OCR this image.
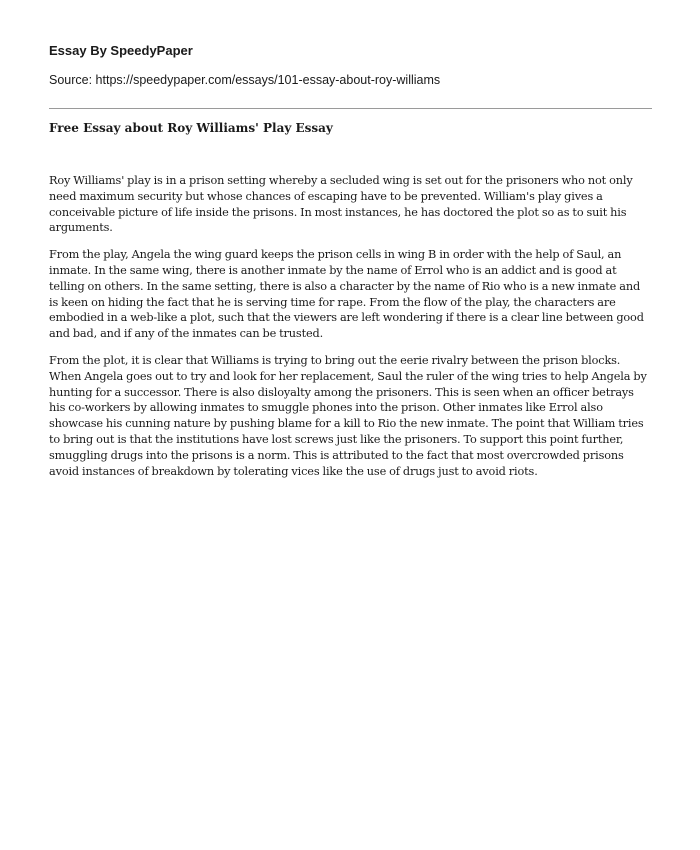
Essay By SpeedyPaper
Source: https://speedypaper.com/essays/101-essay-about-roy-williams
Free Essay about Roy Williams' Play Essay

Roy Williams' play is in a prison setting whereby a secluded wing is set out for the prisoners who not only need maximum security but whose chances of escaping have to be prevented. William's play gives a conceivable picture of life inside the prisons. In most instances, he has doctored the plot so as to suit his arguments.

From the play, Angela the wing guard keeps the prison cells in wing B in order with the help of Saul, an inmate. In the same wing, there is another inmate by the name of Errol who is an addict and is good at telling on others. In the same setting, there is also a character by the name of Rio who is a new inmate and is keen on hiding the fact that he is serving time for rape. From the flow of the play, the characters are embodied in a web-like a plot, such that the viewers are left wondering if there is a clear line between good and bad, and if any of the inmates can be trusted.

From the plot, it is clear that Williams is trying to bring out the eerie rivalry between the prison blocks. When Angela goes out to try and look for her replacement, Saul the ruler of the wing tries to help Angela by hunting for a successor. There is also disloyalty among the prisoners. This is seen when an officer betrays his co-workers by allowing inmates to smuggle phones into the prison. Other inmates like Errol also showcase his cunning nature by pushing blame for a kill to Rio the new inmate. The point that William tries to bring out is that the institutions have lost screws just like the prisoners. To support this point further, smuggling drugs into the prisons is a norm. This is attributed to the fact that most overcrowded prisons avoid instances of breakdown by tolerating vices like the use of drugs just to avoid riots.
